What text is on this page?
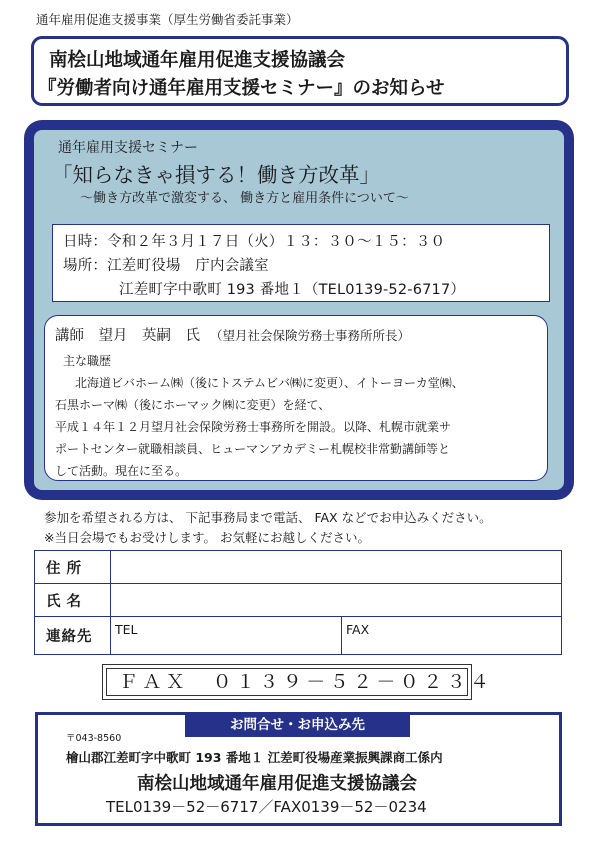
通年雇用促進支援事業（厚生労働省委託事業）
南桧山地域通年雇用促進支援協議会
『労働者向け通年雇用支援セミナー』のお知らせ
通年雇用支援セミナー
「知らなきゃ損する！働き方改革」
～働き方改革で激変する、 働き方と雇用条件について～
日時：令和２年３月１７日（火）１３：３０～１５：３０
場所：江差町役場　庁内会議室
江差町字中歌町 193 番地１（TEL0139-52-6717）
講師　望月　英嗣　氏 （望月社会保険労務士事務所所長）
主な職歴
北海道ビバホーム㈱（後にトステムビバ㈱に変更）、イトーヨーカ堂㈱、
石黒ホーマ㈱（後にホーマック㈱に変更）を経て、
平成１４年１２月望月社会保険労務士事務所を開設。以降、札幌市就業サ
ポートセンター就職相談員、ヒューマンアカデミー札幌校非常勤講師等と
して活動。現在に至る。
参加を希望される方は、 下記事務局まで電話、 FAX などでお申込みください。
※当日会場でもお受けします。 お気軽にお越しください。
住所		
氏名		
連絡先	TEL	FAX
ＦＡＸ　０１３９－５２－０２３４
お問合せ・お申込み先
〒043-8560
檜山郡江差町字中歌町 193 番地１ 江差町役場産業振興課商工係内
南桧山地域通年雇用促進支援協議会
TEL0139－52－6717／FAX0139－52－0234
